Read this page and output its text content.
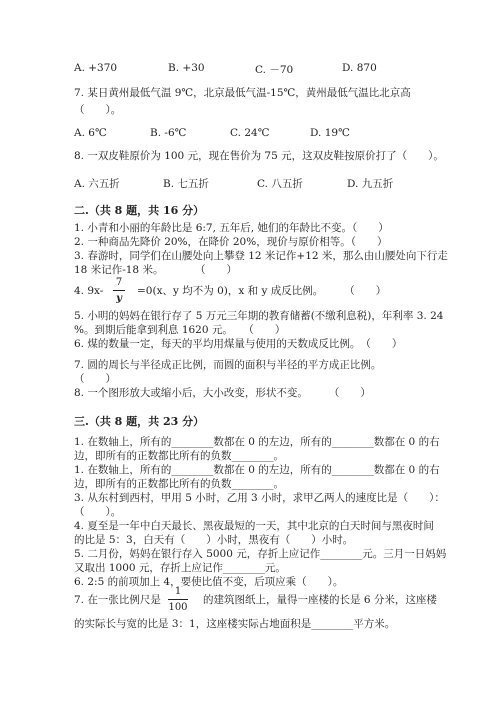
A. +370	B. +30	C. －70	D. 870
7. 某日黄州最低气温 9℃，北京最低气温-15℃，黄州最低气温比北京高
（　　）。
A. 6℃	B. -6℃	C. 24℃	D. 19℃
8. 一双皮鞋原价为 100 元，现在售价为 75 元，这双皮鞋按原价打了（　　）。
A. 六五折	B. 七五折	C. 八五折	D. 九五折
二.（共 8 题，共 16 分）
1. 小青和小丽的年龄比是 6:7, 五年后, 她们的年龄比不变。（　　）
2. 一种商品先降价 20%，在降价 20%，现价与原价相等。（　　）
3. 春游时，同学们在山腰处向上攀登 12 米记作+12 米，那么由山腰处向下行走
18 米记作-18 米。　　　　（　　）
4. 9x-
7
y
=0(x、y 均不为 0)，x 和 y 成反比例。　　　（　　）
5. 小明的妈妈在银行存了 5 万元三年期的教育储蓄(不缴利息税)，年利率 3. 24
%。到期后能拿到利息 1620 元。　　（　　）
6. 煤的数量一定，每天的平均用煤量与使用的天数成反比例。　（　　）
7. 圆的周长与半径成正比例，而圆的面积与半径的平方成正比例。
（　　）
8. 一个图形放大或缩小后，大小改变，形状不变。　　　（　　）
三.（共 8 题，共 23 分）
1. 在数轴上，所有的________数都在 0 的左边，所有的________数都在 0 的右
边，即所有的正数都比所有的负数________。
1. 在数轴上，所有的________数都在 0 的左边，所有的________数都在 0 的右
边，即所有的正数都比所有的负数________。
3. 从东村到西村，甲用 5 小时，乙用 3 小时，求甲乙两人的速度比是（　　）：
（　　）。
4. 夏至是一年中白天最长、黑夜最短的一天，其中北京的白天时间与黑夜时间
的比是 5：3，白天有（　　）小时，黑夜有（　　）小时。
5. 二月份，妈妈在银行存入 5000 元，存折上应记作________元。三月一日妈妈
又取出 1000 元，存折上应记作________元。
6. 2:5 的前项加上 4，要使比值不变，后项应乘（　　）。
7. 在一张比例尺是
1
100
的建筑图纸上，量得一座楼的长是 6 分米，这座楼
的实际长与宽的比是 3：1，这座楼实际占地面积是________平方米。
